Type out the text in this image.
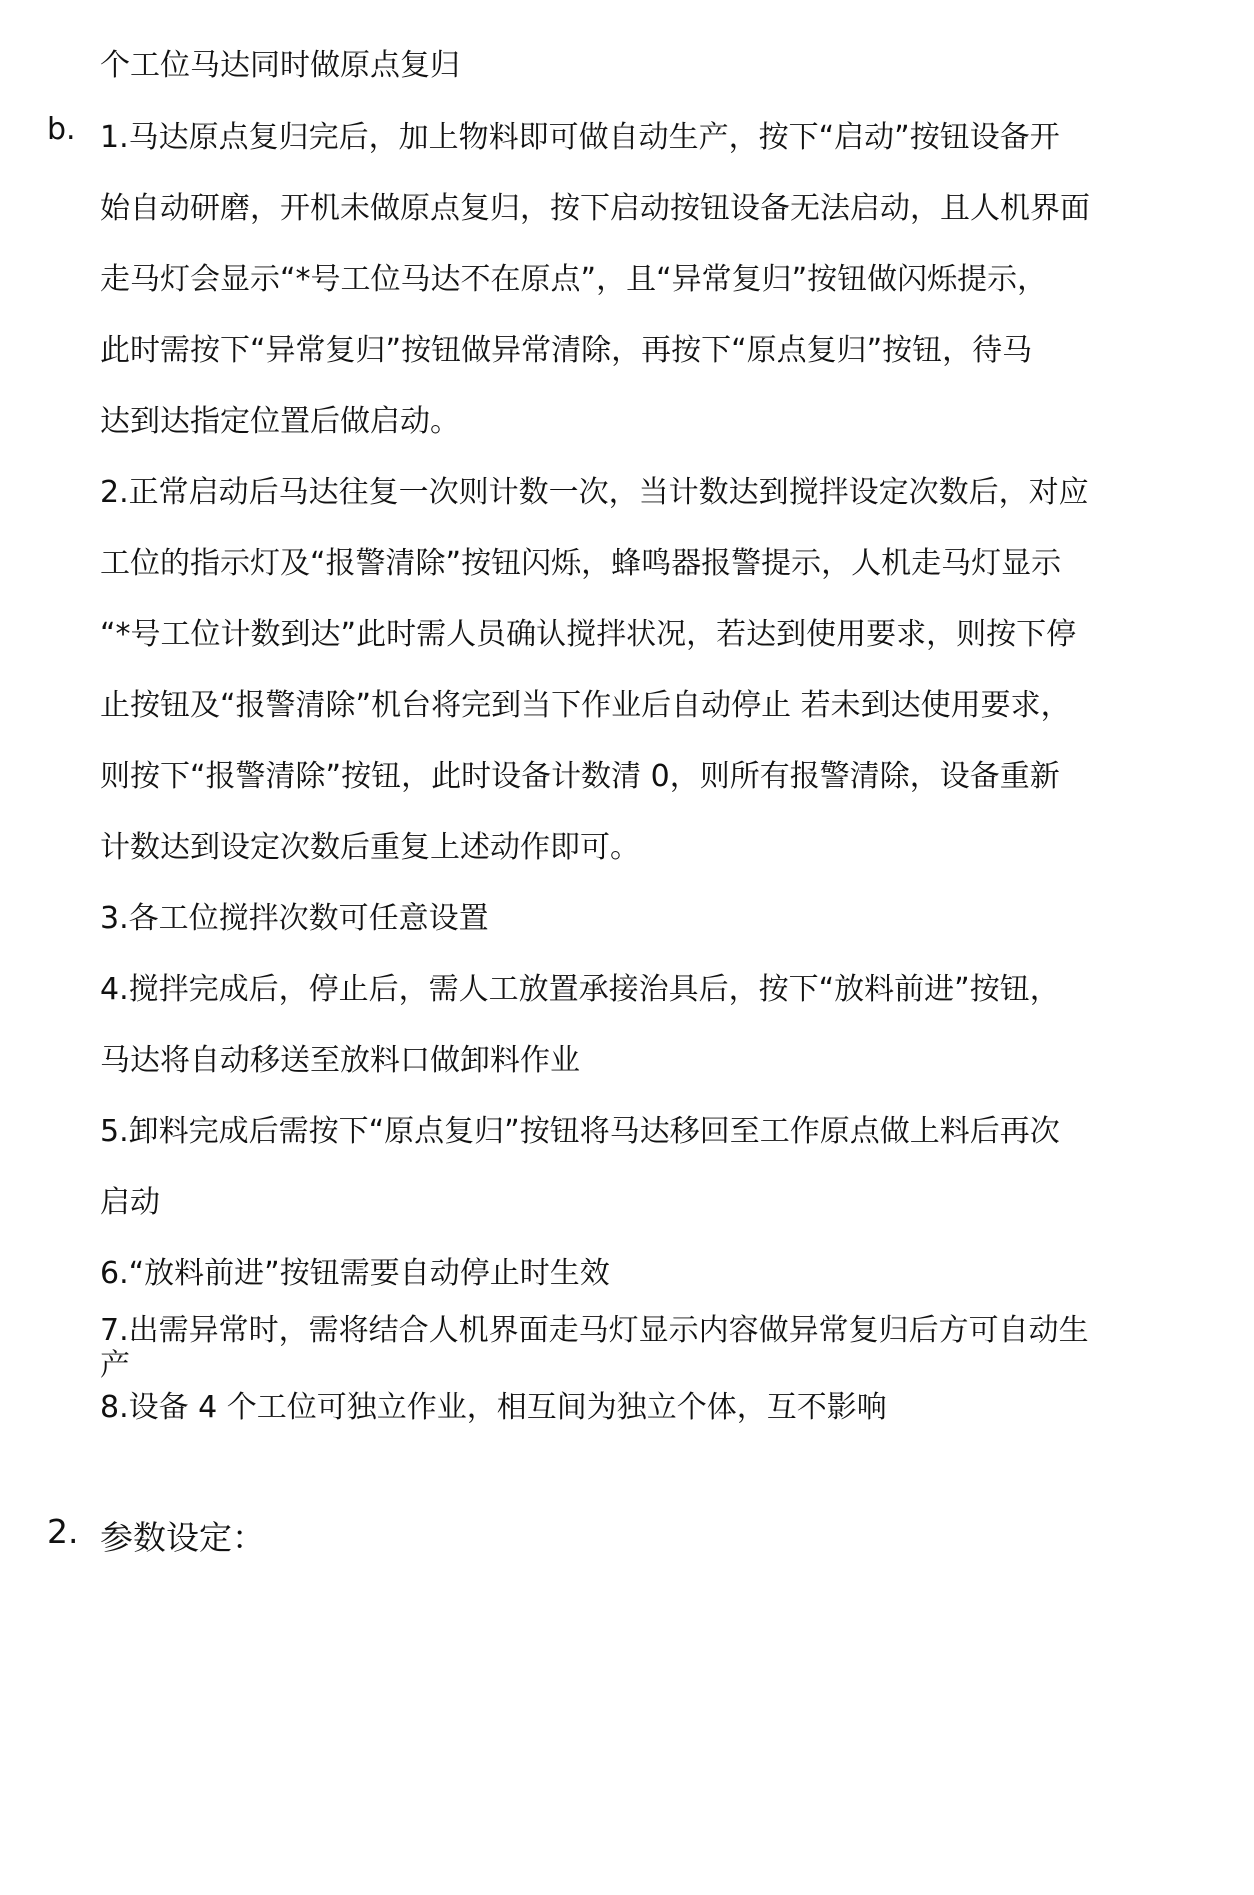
个工位马达同时做原点复归
b. 1.马达原点复归完后，加上物料即可做自动生产，按下“启动”按钮设备开
始自动研磨，开机未做原点复归，按下启动按钮设备无法启动，且人机界面
走马灯会显示“*号工位马达不在原点”，且“异常复归”按钮做闪烁提示，
此时需按下“异常复归”按钮做异常清除，再按下“原点复归”按钮，待马
达到达指定位置后做启动。
2.正常启动后马达往复一次则计数一次，当计数达到搅拌设定次数后，对应
工位的指示灯及“报警清除”按钮闪烁，蜂鸣器报警提示，人机走马灯显示
“*号工位计数到达”此时需人员确认搅拌状况，若达到使用要求，则按下停
止按钮及“报警清除”机台将完到当下作业后自动停止 若未到达使用要求，
则按下“报警清除”按钮，此时设备计数清 0，则所有报警清除，设备重新
计数达到设定次数后重复上述动作即可。
3.各工位搅拌次数可任意设置
4.搅拌完成后，停止后，需人工放置承接治具后，按下“放料前进”按钮，
马达将自动移送至放料口做卸料作业
5.卸料完成后需按下“原点复归”按钮将马达移回至工作原点做上料后再次
启动
6.“放料前进”按钮需要自动停止时生效
7.出需异常时，需将结合人机界面走马灯显示内容做异常复归后方可自动生
产
8.设备 4 个工位可独立作业，相互间为独立个体，互不影响
2. 参数设定：
